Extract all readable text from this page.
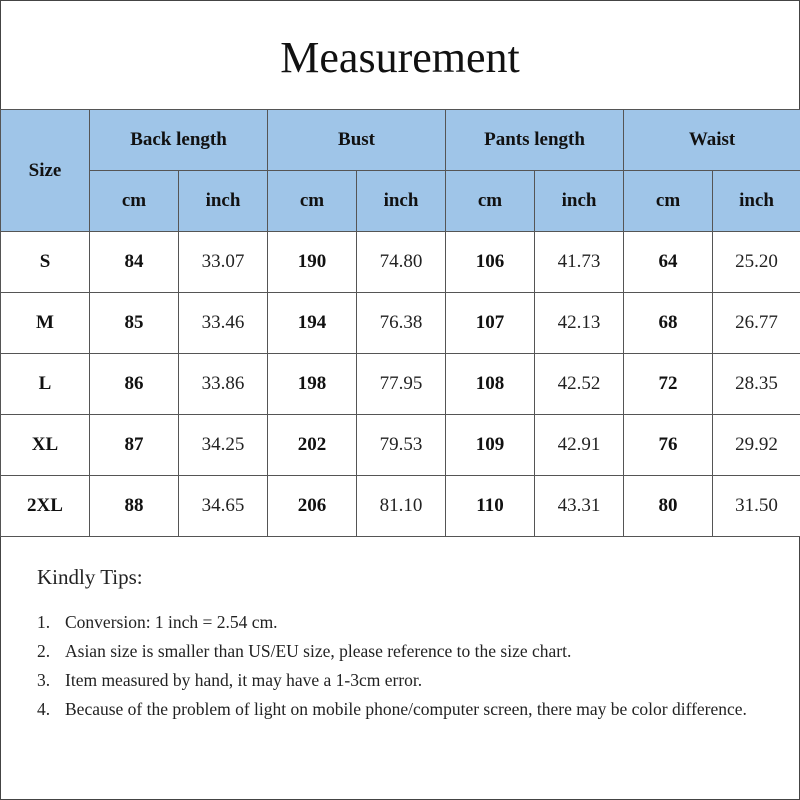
Measurement
Size	Back length		Bust		Pants length		Waist	
	cm	inch	cm	inch	cm	inch	cm	inch
S	84	33.07	190	74.80	106	41.73	64	25.20
M	85	33.46	194	76.38	107	42.13	68	26.77
L	86	33.86	198	77.95	108	42.52	72	28.35
XL	87	34.25	202	79.53	109	42.91	76	29.92
2XL	88	34.65	206	81.10	110	43.31	80	31.50
Kindly Tips:
1. Conversion: 1 inch = 2.54 cm.
2. Asian size is smaller than US/EU size, please reference to the size chart.
3. Item measured by hand, it may have a 1-3cm error.
4. Because of the problem of light on mobile phone/computer screen, there may be color difference.
